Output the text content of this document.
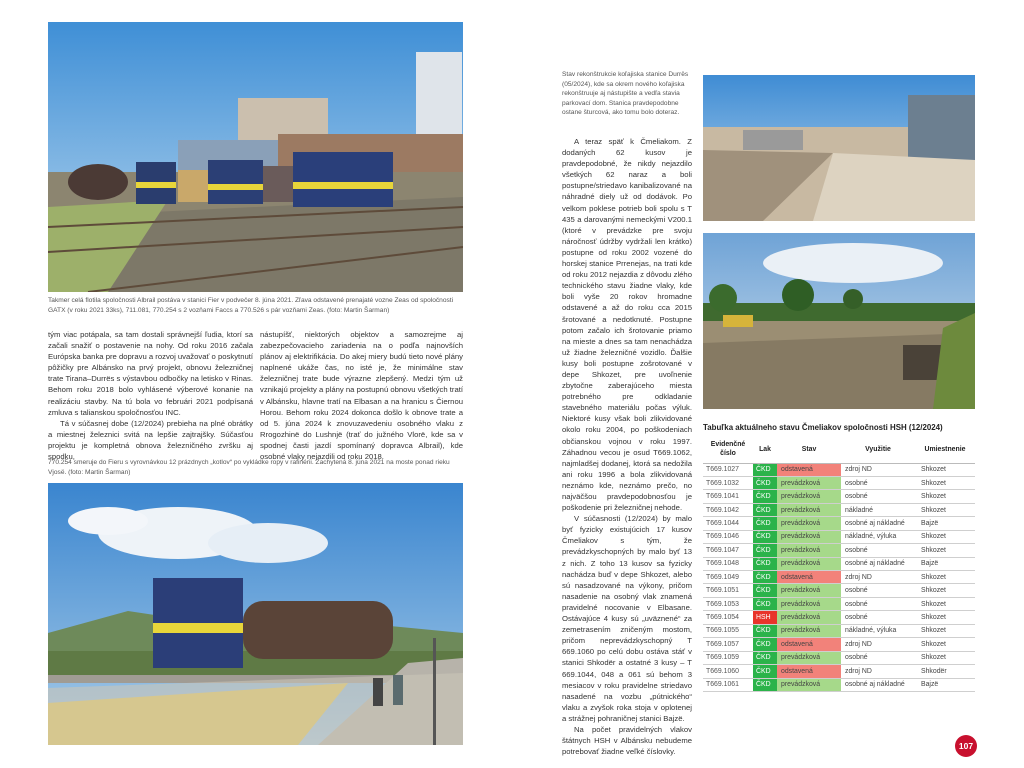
Takmer celá flotila spoločnosti Albrail postáva v stanici Fier v podvečer 8. júna 2021. Zľava odstavené prenajaté vozne Zeas od spoločnosti GATX (v roku 2021 33ks), 711.081, 770.254 s 2 vozňami Faccs a 770.526 s pár vozňami Zeas. (foto: Martin Šarman)

tým viac potápala, sa tam dostali správnejší ľudia, ktorí sa začali snažiť o postavenie na nohy. Od roku 2016 začala Európska banka pre dopravu a rozvoj uvažovať o poskytnutí pôžičky pre Albánsko na prvý projekt, obnovu železničnej trate Tirana–Durrës s výstavbou odbočky na letisko v Rinas. Behom roku 2018 bolo vyhlásené výberové konanie na realizáciu stavby. Na tú bola vo februári 2021 podpísaná zmluva s talianskou spoločnosťou INC.

Tá v súčasnej dobe (12/2024) prebieha na plné obrátky a miestnej železnici svitá na lepšie zajtrajšky. Súčasťou projektu je kompletná obnova železničného zvršku aj spodku,

nástupíšť, niektorých objektov a samozrejme aj zabezpečovacieho zariadenia na o podľa najnovších plánov aj elektrifikácia. Do akej miery budú tieto nové plány naplnené ukáže čas, no isté je, že minimálne stav železničnej trate bude výrazne zlepšený. Medzi tým už vznikajú projekty a plány na postupnú obnovu všetkých tratí v Albánsku, hlavne tratí na Elbasan a na hranicu s Čiernou Horou. Behom roku 2024 dokonca došlo k obnove trate a od 5. júna 2024 k znovuzavedeniu osobného vlaku z Rrogozhinë do Lushnjë (trať do južného Vlorë, kde sa v spodnej časti jazdí spomínaný dopravca Albrail), kde osobné vlaky nejazdili od roku 2018.

770.254 smeruje do Fieru s vyrovnávkou 12 prázdnych „kotlov“ po vykládke ropy v rafinérii. Zachytená 8. júna 2021 na moste ponad rieku Vjosë. (foto: Martin Šarman)
Stav rekonštrukcie koľajiska stanice Durrës (05/2024), kde sa okrem nového koľajiska rekonštruuje aj nástupište a vedľa stavia parkovací dom. Stanica pravdepodobne ostane šturcová, ako tomu bolo doteraz.

A teraz späť k Čmeliakom. Z dodaných 62 kusov je pravdepodobné, že nikdy nejazdilo všetkých 62 naraz a boli postupne/striedavo kanibalizované na náhradné diely už od dodávok. Po velkom poklese potrieb boli spolu s T 435 a darovanými nemeckými V200.1 (ktoré v prevádzke pre svoju náročnosť údržby vydržali len krátko) postupne od roku 2002 vozené do horskej stanice Prrenejas, na trati kde od roku 2012 nejazdia z dôvodu zlého technického stavu žiadne vlaky, kde boli vyše 20 rokov hromadne odstavené a až do roku cca 2015 šrotované a nedotknuté. Postupne potom začalo ich šrotovanie priamo na mieste a dnes sa tam nenachádza už žiadne železničné vozidlo. Ďalšie kusy boli postupne zošrotované v depe Shkozet, pre uvoľnenie zbytočne zaberajúceho miesta potrebného pre odkladanie stavebného materiálu počas výluk. Niektoré kusy však boli zlikvidované okolo roku 2004, po poškodeniach občianskou vojnou v roku 1997. Záhadnou vecou je osud T669.1062, najmladšej dodanej, ktorá sa nedožila ani roku 1996 a bola zlikvidovaná neznámo kde, neznámo prečo, no najväčšou pravdepodobnosťou je poškodenie pri železničnej nehode.

V súčasnosti (12/2024) by malo byť fyzicky existujúcich 17 kusov Čmeliakov s tým, že prevádzkyschopných by malo byť 13 z nich. Z toho 13 kusov sa fyzicky nachádza buď v depe Shkozet, alebo sú nasadzované na výkony, pričom nasadenie na osobný vlak znamená pravidelné nocovanie v Elbasane. Ostávajúce 4 kusy sú „uväznené“ za zemetrasením zničeným mostom, pričom neprevádzkyschopný T 669.1060 po celú dobu ostáva stáť v stanici Shkodër a ostatné 3 kusy – T 669.1044, 048 a 061 sú behom 3 mesiacov v roku pravidelne striedavo nasadené na vozbu „pútnického“ vlaku a zvyšok roka stoja v oplotenej a strážnej pohraničnej stanici Bajzë.

Na počet pravidelných vlakov štátnych HSH v Albánsku nebudeme potrebovať žiadne veľké číslovky.

Tabuľka aktuálneho stavu Čmeliakov spoločnosti HSH (12/2024)
Evidenčné číslo	Lak	Stav	Využitie	Umiestnenie
T669.1027	ČKD	odstavená	zdroj ND	Shkozet
T669.1032	ČKD	prevádzková	osobné	Shkozet
T669.1041	ČKD	prevádzková	osobné	Shkozet
T669.1042	ČKD	prevádzková	nákladné	Shkozet
T669.1044	ČKD	prevádzková	osobné aj nákladné	Bajzë
T669.1046	ČKD	prevádzková	nákladné, výluka	Shkozet
T669.1047	ČKD	prevádzková	osobné	Shkozet
T669.1048	ČKD	prevádzková	osobné aj nákladné	Bajzë
T669.1049	ČKD	odstavená	zdroj ND	Shkozet
T669.1051	ČKD	prevádzková	osobné	Shkozet
T669.1053	ČKD	prevádzková	osobné	Shkozet
T669.1054	HSH	prevádzková	osobné	Shkozet
T669.1055	ČKD	prevádzková	nákladné, výluka	Shkozet
T669.1057	ČKD	odstavená	zdroj ND	Shkozet
T669.1059	ČKD	prevádzková	osobné	Shkozet
T669.1060	ČKD	odstavená	zdroj ND	Shkodër
T669.1061	ČKD	prevádzková	osobné aj nákladné	Bajzë
107
